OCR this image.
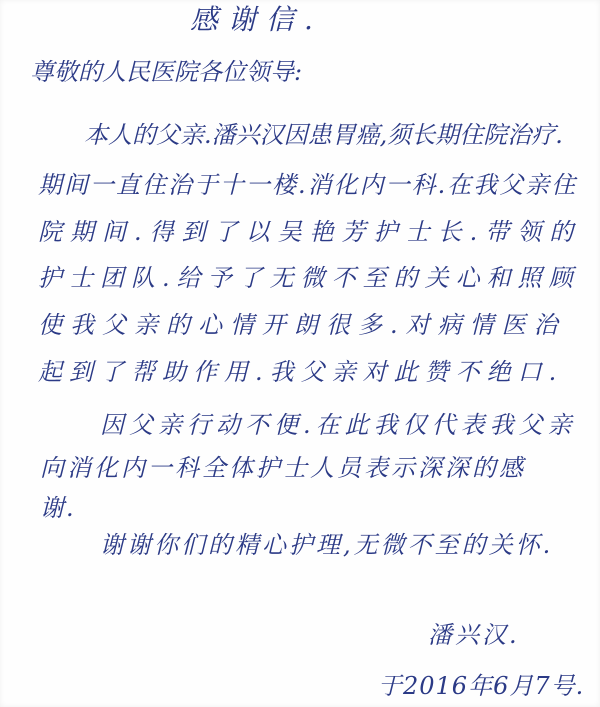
感谢信.
尊敬的人民医院各位领导:
本人的父亲.潘兴汉因患胃癌,须长期住院治疗.
期间一直住治于十一楼.消化内一科.在我父亲住
院期间.得到了以吴艳芳护士长.带领的
护士团队.给予了无微不至的关心和照顾
使我父亲的心情开朗很多.对病情医治
起到了帮助作用.我父亲对此赞不绝口.
因父亲行动不便.在此我仅代表我父亲
向消化内一科全体护士人员表示深深的感
谢.
谢谢你们的精心护理,无微不至的关怀.
潘兴汉.
于2016年6月7号.
